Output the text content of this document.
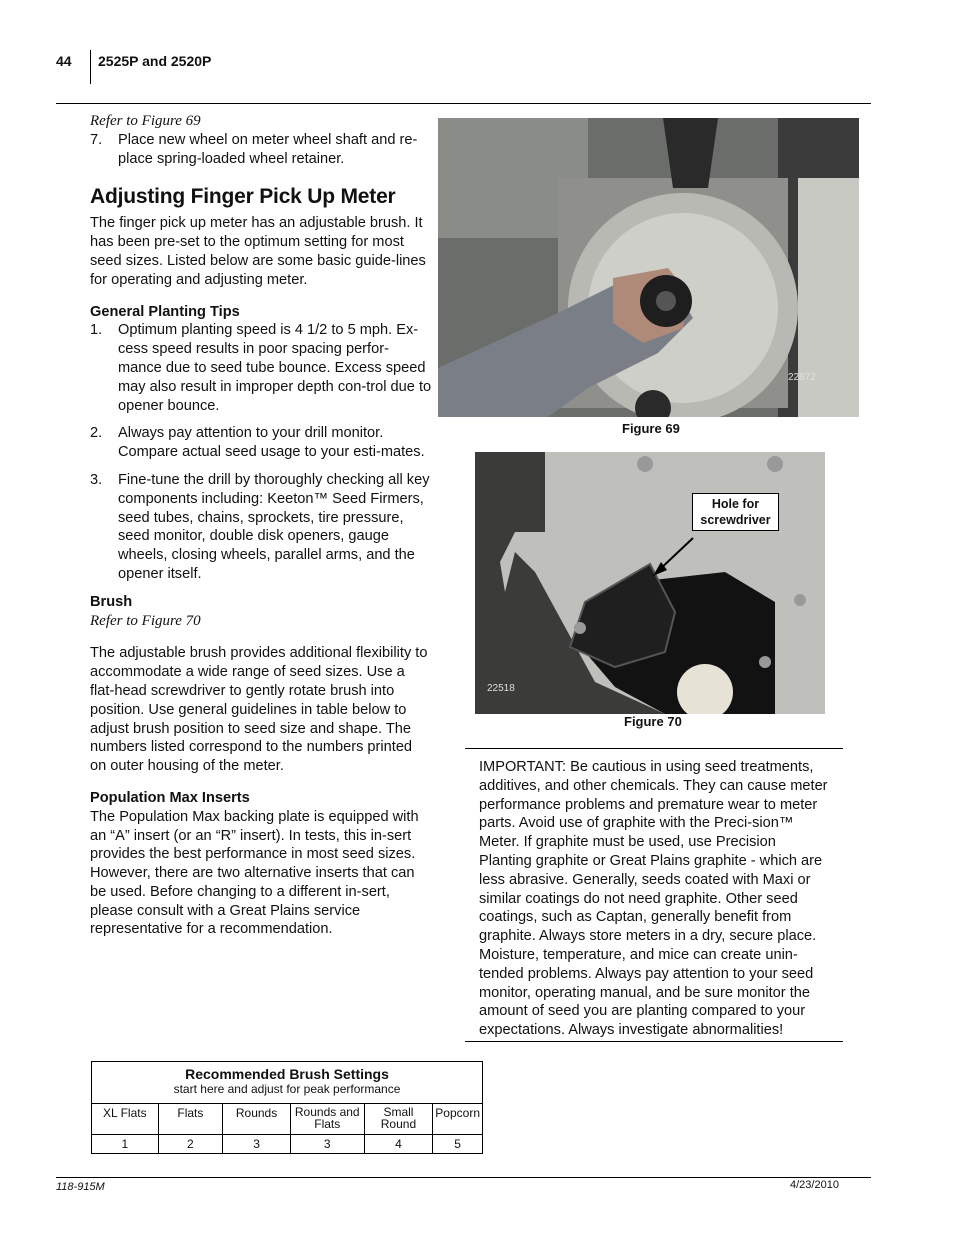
44 2525P and 2520P

Refer to Figure 69

7. Place new wheel on meter wheel shaft and re-place spring-loaded wheel retainer.

Adjusting Finger Pick Up Meter

The finger pick up meter has an adjustable brush. It has been pre-set to the optimum setting for most seed sizes. Listed below are some basic guide-lines for operating and adjusting meter.

General Planting Tips

1. Optimum planting speed is 4 1/2 to 5 mph. Ex-cess speed results in poor spacing perfor-mance due to seed tube bounce. Excess speed may also result in improper depth con-trol due to opener bounce.
2. Always pay attention to your drill monitor. Compare actual seed usage to your esti-mates.
3. Fine-tune the drill by thoroughly checking all key components including: Keeton™ Seed Firmers, seed tubes, chains, sprockets, tire pressure, seed monitor, double disk openers, gauge wheels, closing wheels, parallel arms, and the opener itself.

Brush

Refer to Figure 70

The adjustable brush provides additional flexibility to accommodate a wide range of seed sizes. Use a flat-head screwdriver to gently rotate brush into position. Use general guidelines in table below to adjust brush position to seed size and shape. The numbers listed correspond to the numbers printed on outer housing of the meter.

Population Max Inserts

The Population Max backing plate is equipped with an “A” insert (or an “R” insert). In tests, this in-sert provides the best performance in most seed sizes. However, there are two alternative inserts that can be used. Before changing to a different in-sert, please consult with a Great Plains service representative for a recommendation.

22872
Figure 69
Hole for screwdriver
22518
Figure 70
IMPORTANT: Be cautious in using seed treatments, additives, and other chemicals. They can cause meter performance problems and premature wear to meter parts. Avoid use of graphite with the Preci-sion™ Meter. If graphite must be used, use Precision Planting graphite or Great Plains graphite - which are less abrasive. Generally, seeds coated with Maxi or similar coatings do not need graphite. Other seed coatings, such as Captan, generally benefit from graphite. Always store meters in a dry, secure place. Moisture, temperature, and mice can create unin-tended problems. Always pay attention to your seed monitor, operating manual, and be sure monitor the amount of seed you are planting compared to your expectations. Always investigate abnormalities!
Recommended Brush Settings
start here and adjust for peak performance					

XL Flats	Flats	Rounds	Rounds and Flats	Small Round	Popcorn
1	2	3	3	4	5
118-915M	4/23/2010
